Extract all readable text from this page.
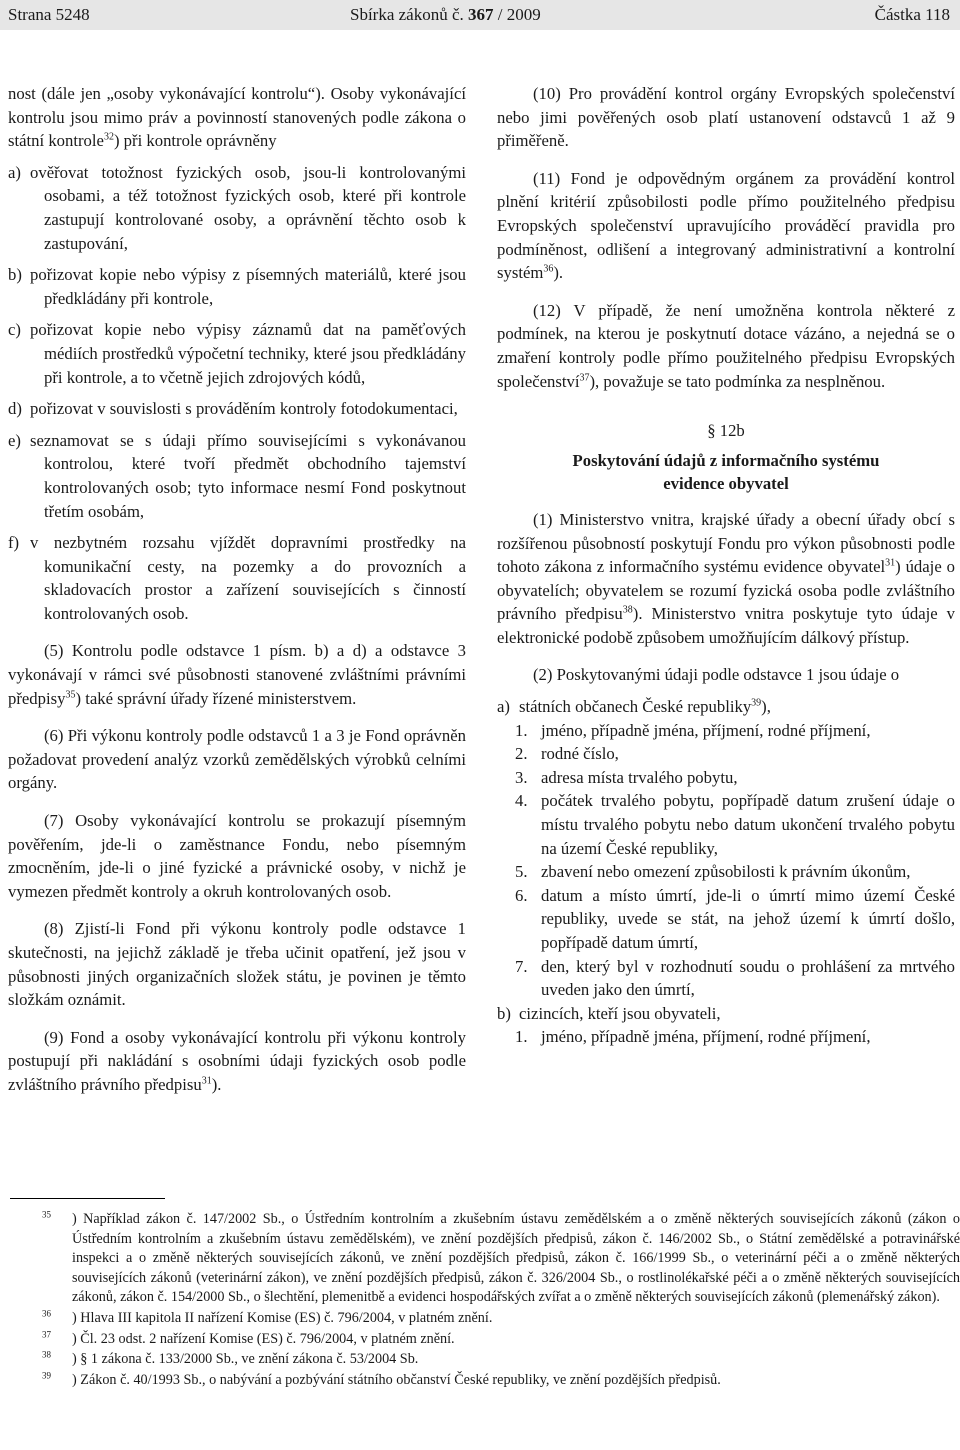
Strana 5248	Sbírka zákonů č. 367 / 2009	Částka 118

nost (dále jen „osoby vykonávající kontrolu“). Osoby vykonávající kontrolu jsou mimo práv a povinností stanovených podle zákona o státní kontrole$^{32}$) při kontrole oprávněny

a) ověřovat totožnost fyzických osob, jsou-li kontrolovanými osobami, a též totožnost fyzických osob, které při kontrole zastupují kontrolované osoby, a oprávnění těchto osob k zastupování,
b) pořizovat kopie nebo výpisy z písemných materiálů, které jsou předkládány při kontrole,
c) pořizovat kopie nebo výpisy záznamů dat na paměťových médiích prostředků výpočetní techniky, které jsou předkládány při kontrole, a to včetně jejich zdrojových kódů,
d) pořizovat v souvislosti s prováděním kontroly fotodokumentaci,
e) seznamovat se s údaji přímo souvisejícími s vykonávanou kontrolou, které tvoří předmět obchodního tajemství kontrolovaných osob; tyto informace nesmí Fond poskytnout třetím osobám,
f) v nezbytném rozsahu vjíždět dopravními prostředky na komunikační cesty, na pozemky a do provozních a skladovacích prostor a zařízení souvisejících s činností kontrolovaných osob.

(5) Kontrolu podle odstavce 1 písm. b) a d) a odstavce 3 vykonávají v rámci své působnosti stanovené zvláštními právními předpisy$^{35}$) také správní úřady řízené ministerstvem.

(6) Při výkonu kontroly podle odstavců 1 a 3 je Fond oprávněn požadovat provedení analýz vzorků zemědělských výrobků celními orgány.

(7) Osoby vykonávající kontrolu se prokazují písemným pověřením, jde-li o zaměstnance Fondu, nebo písemným zmocněním, jde-li o jiné fyzické a právnické osoby, v nichž je vymezen předmět kontroly a okruh kontrolovaných osob.

(8) Zjistí-li Fond při výkonu kontroly podle odstavce 1 skutečnosti, na jejichž základě je třeba učinit opatření, jež jsou v působnosti jiných organizačních složek státu, je povinen je těmto složkám oznámit.

(9) Fond a osoby vykonávající kontrolu při výkonu kontroly postupují při nakládání s osobními údaji fyzických osob podle zvláštního právního předpisu$^{31}$).

(10) Pro provádění kontrol orgány Evropských společenství nebo jimi pověřených osob platí ustanovení odstavců 1 až 9 přiměřeně.

(11) Fond je odpovědným orgánem za provádění kontrol plnění kritérií způsobilosti podle přímo použitelného předpisu Evropských společenství upravujícího prováděcí pravidla pro podmíněnost, odlišení a integrovaný administrativní a kontrolní systém$^{36}$).

(12) V případě, že není umožněna kontrola některé z podmínek, na kterou je poskytnutí dotace vázáno, a nejedná se o zmaření kontroly podle přímo použitelného předpisu Evropských společenství$^{37}$), považuje se tato podmínka za nesplněnou.

§ 12b

Poskytování údajů z informačního systému

evidence obyvatel

(1) Ministerstvo vnitra, krajské úřady a obecní úřady obcí s rozšířenou působností poskytují Fondu pro výkon působnosti podle tohoto zákona z informačního systému evidence obyvatel$^{31}$) údaje o obyvatelích; obyvatelem se rozumí fyzická osoba podle zvláštního právního předpisu$^{38}$). Ministerstvo vnitra poskytuje tyto údaje v elektronické podobě způsobem umožňujícím dálkový přístup.

(2) Poskytovanými údaji podle odstavce 1 jsou údaje o

a) státních občanech České republiky$^{39}$),
1. jméno, případně jména, příjmení, rodné příjmení,
2. rodné číslo,
3. adresa místa trvalého pobytu,
4. počátek trvalého pobytu, popřípadě datum zrušení údaje o místu trvalého pobytu nebo datum ukončení trvalého pobytu na území České republiky,
5. zbavení nebo omezení způsobilosti k právním úkonům,
6. datum a místo úmrtí, jde-li o úmrtí mimo území České republiky, uvede se stát, na jehož území k úmrtí došlo, popřípadě datum úmrtí,
7. den, který byl v rozhodnutí soudu o prohlášení za mrtvého uveden jako den úmrtí,
b) cizincích, kteří jsou obyvateli,
1. jméno, případně jména, příjmení, rodné příjmení,
$^{35}$ ) Například zákon č. 147/2002 Sb., o Ústředním kontrolním a zkušebním ústavu zemědělském a o změně některých souvisejících zákonů (zákon o Ústředním kontrolním a zkušebním ústavu zemědělském), ve znění pozdějších předpisů, zákon č. 146/2002 Sb., o Státní zemědělské a potravinářské inspekci a o změně některých souvisejících zákonů, ve znění pozdějších předpisů, zákon č. 166/1999 Sb., o veterinární péči a o změně některých souvisejících zákonů (veterinární zákon), ve znění pozdějších předpisů, zákon č. 326/2004 Sb., o rostlinolékařské péči a o změně některých souvisejících zákonů, zákon č. 154/2000 Sb., o šlechtění, plemenitbě a evidenci hospodářských zvířat a o změně některých souvisejících zákonů (plemenářský zákon).
$^{36}$ ) Hlava III kapitola II nařízení Komise (ES) č. 796/2004, v platném znění.
$^{37}$ ) Čl. 23 odst. 2 nařízení Komise (ES) č. 796/2004, v platném znění.
$^{38}$ ) § 1 zákona č. 133/2000 Sb., ve znění zákona č. 53/2004 Sb.
$^{39}$ ) Zákon č. 40/1993 Sb., o nabývání a pozbývání státního občanství České republiky, ve znění pozdějších předpisů.
